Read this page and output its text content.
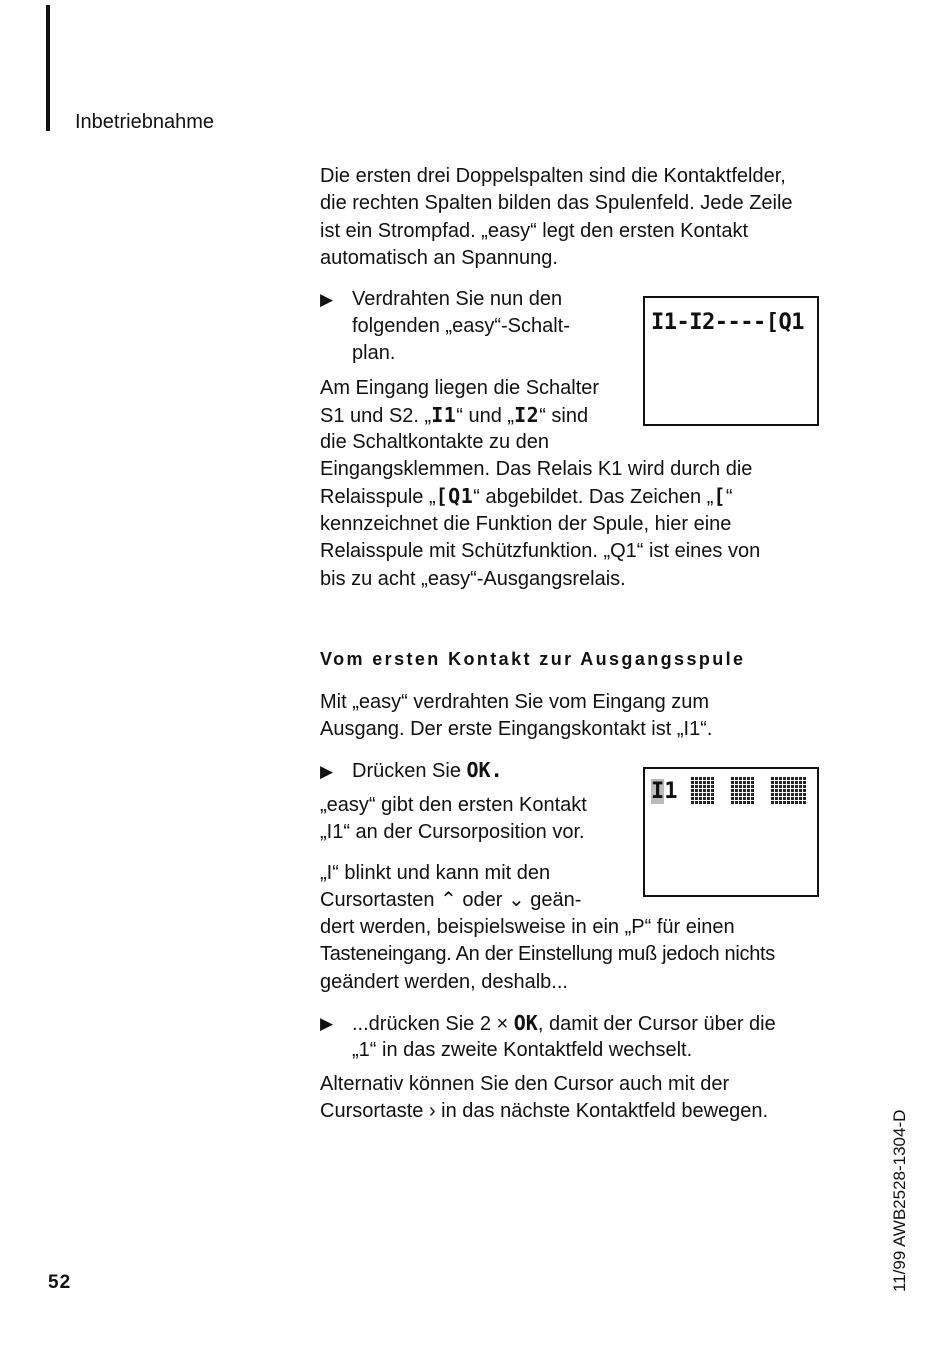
Inbetriebnahme

Die ersten drei Doppelspalten sind die Kontaktfelder,

die rechten Spalten bilden das Spulenfeld. Jede Zeile

ist ein Strompfad. „easy“ legt den ersten Kontakt

automatisch an Spannung.

▶ Verdrahten Sie nun den

folgenden „easy“-Schalt-

plan.

I1-I2----[Q1

Am Eingang liegen die Schalter

S1 und S2. „I1“ und „I2“ sind

die Schaltkontakte zu den

Eingangsklemmen. Das Relais K1 wird durch die

Relaisspule „[Q1“ abgebildet. Das Zeichen „[“

kennzeichnet die Funktion der Spule, hier eine

Relaisspule mit Schützfunktion. „Q1“ ist eines von

bis zu acht „easy“-Ausgangsrelais.

Vom ersten Kontakt zur Ausgangsspule

Mit „easy“ verdrahten Sie vom Eingang zum

Ausgang. Der erste Eingangskontakt ist „I1“.

▶ Drücken Sie OK.

„easy“ gibt den ersten Kontakt

„I1“ an der Cursorposition vor.

I1

„I“ blinkt und kann mit den

Cursortasten ⌃ oder ⌄ geän-

dert werden, beispielsweise in ein „P“ für einen

Tasteneingang. An der Einstellung muß jedoch nichts

geändert werden, deshalb...

▶ ...drücken Sie 2 × OK, damit der Cursor über die

„1“ in das zweite Kontaktfeld wechselt.

Alternativ können Sie den Cursor auch mit der

Cursortaste › in das nächste Kontaktfeld bewegen.

52	11/99 AWB2528-1304-D
